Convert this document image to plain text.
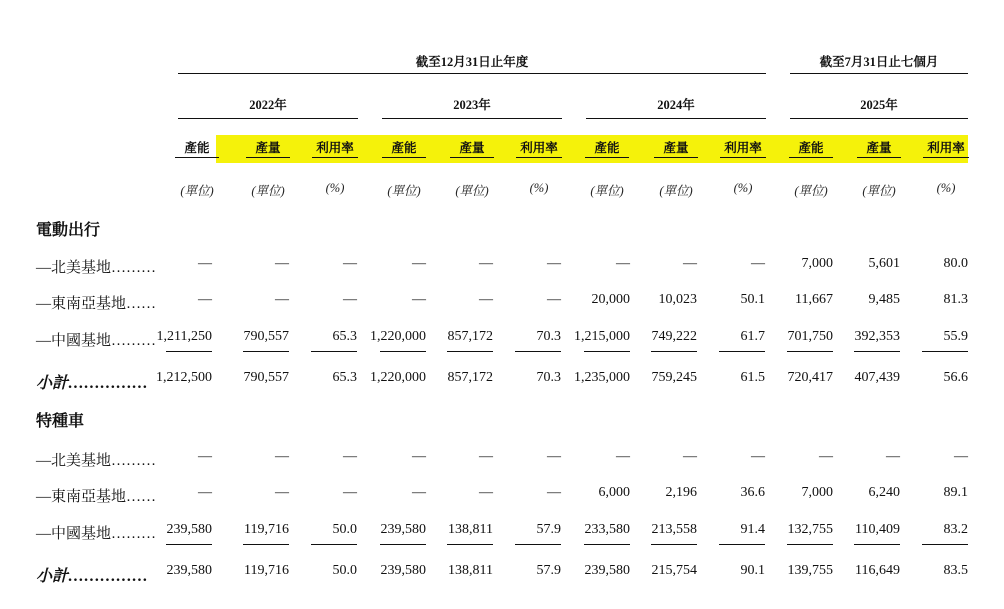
截至12月31日止年度	截至7月31日止七個月
2022年	2023年	2024年	2025年
產能	產量	利用率	產能	產量	利用率	產能	產量	利用率	產能	產量	利用率
(單位)	(單位)	(%)	(單位)	(單位)	(%)	(單位)	(單位)	(%)	(單位)	(單位)	(%)
電動出行
—北美基地………	—	—	—	—	—	—	—	—	—	7,000	5,601	80.0
—東南亞基地……	—	—	—	—	—	—	20,000	10,023	50.1	11,667	9,485	81.3
—中國基地……… 1,211,250	790,557	65.3 1,220,000	857,172	70.3 1,215,000	749,222	61.7	701,750	392,353	55.9
小計…………… 1,212,500	790,557	65.3 1,220,000	857,172	70.3 1,235,000	759,245	61.5	720,417	407,439	56.6
特種車
—北美基地………	—	—	—	—	—	—	—	—	—	—	—	—
—東南亞基地……	—	—	—	—	—	—	6,000	2,196	36.6	7,000	6,240	89.1
—中國基地……… 239,580	119,716	50.0	239,580	138,811	57.9	233,580	213,558	91.4	132,755	110,409	83.2
小計……………	239,580	119,716	50.0	239,580	138,811	57.9	239,580	215,754	90.1	139,755	116,649	83.5
